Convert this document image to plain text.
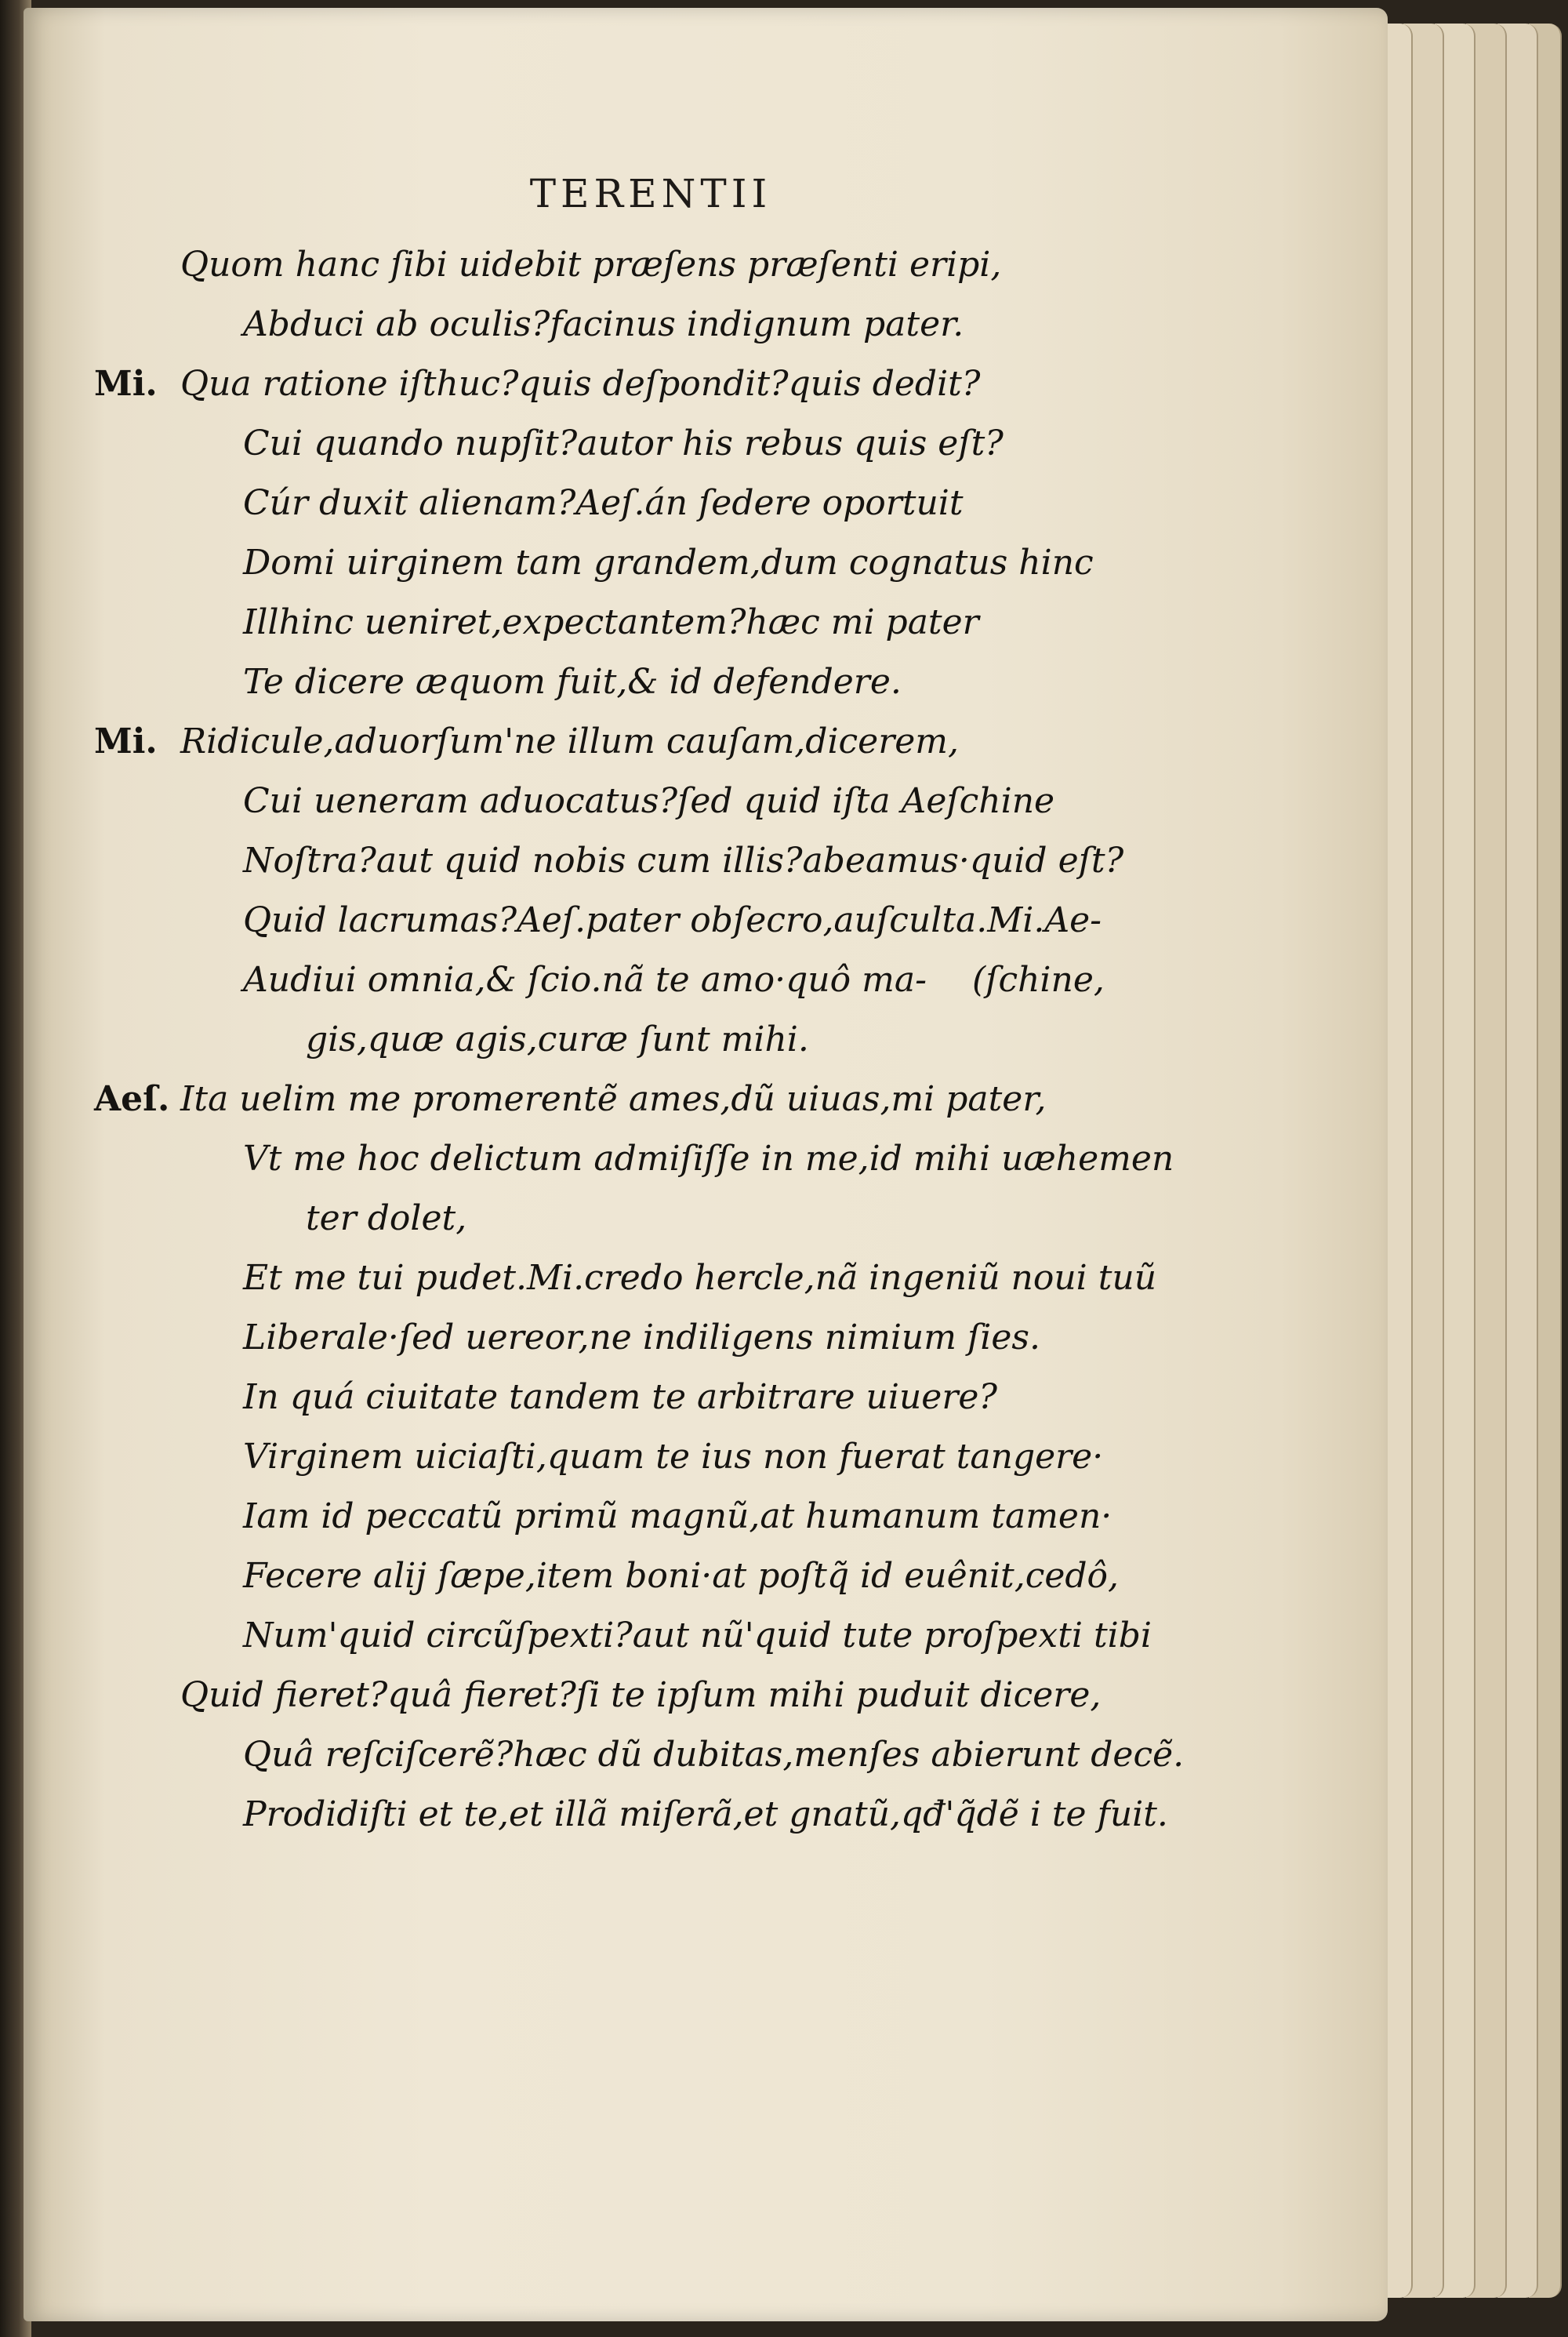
TERENTII
Quom hanc ſibi uidebit præſens præſenti eripi,
Abduci ab oculis?facinus indignum pater.
Mi. Qua ratione iſthuc?quis deſpondit?quis dedit?
Cui quando nupſit?autor his rebus quis eſt?
Cúr duxit alienam?Aeſ.án ſedere oportuit
Domi uirginem tam grandem,dum cognatus hinc
Illhinc ueniret,expectantem?hæc mi pater
Te dicere æquom fuit,& id defendere.
Mi. Ridicule,aduorſum'ne illum cauſam,dicerem,
Cui ueneram aduocatus?ſed quid iſta Aeſchine
Noſtra?aut quid nobis cum illis?abeamus·quid eſt?
Quid lacrumas?Aeſ.pater obſecro,auſculta.Mi.Ae-
Audiui omnia,& ſcio.nã te amo·quô ma- (ſchine,
gis,quæ agis,curæ ſunt mihi.
Aeſ. Ita uelim me promerentẽ ames,dũ uiuas,mi pater,
Vt me hoc delictum admiſiſſe in me,id mihi uæhemen
ter dolet,
Et me tui pudet.Mi.credo hercle,nã ingeniũ noui tuũ
Liberale·ſed uereor,ne indiligens nimium ſies.
In quá ciuitate tandem te arbitrare uiuere?
Virginem uiciaſti,quam te ius non fuerat tangere·
Iam id peccatũ primũ magnũ,at humanum tamen·
Fecere alij ſæpe,item boni·at poſtq̃ id euênit,cedô,
Num'quid circũſpexti?aut nũ'quid tute proſpexti tibi
Quid fieret?quâ fieret?ſi te ipſum mihi puduit dicere,
Quâ reſciſcerẽ?hæc dũ dubitas,menſes abierunt decẽ.
Prodidiſti et te,et illã miſerã,et gnatũ,qđ'q̃dẽ i te fuit.
